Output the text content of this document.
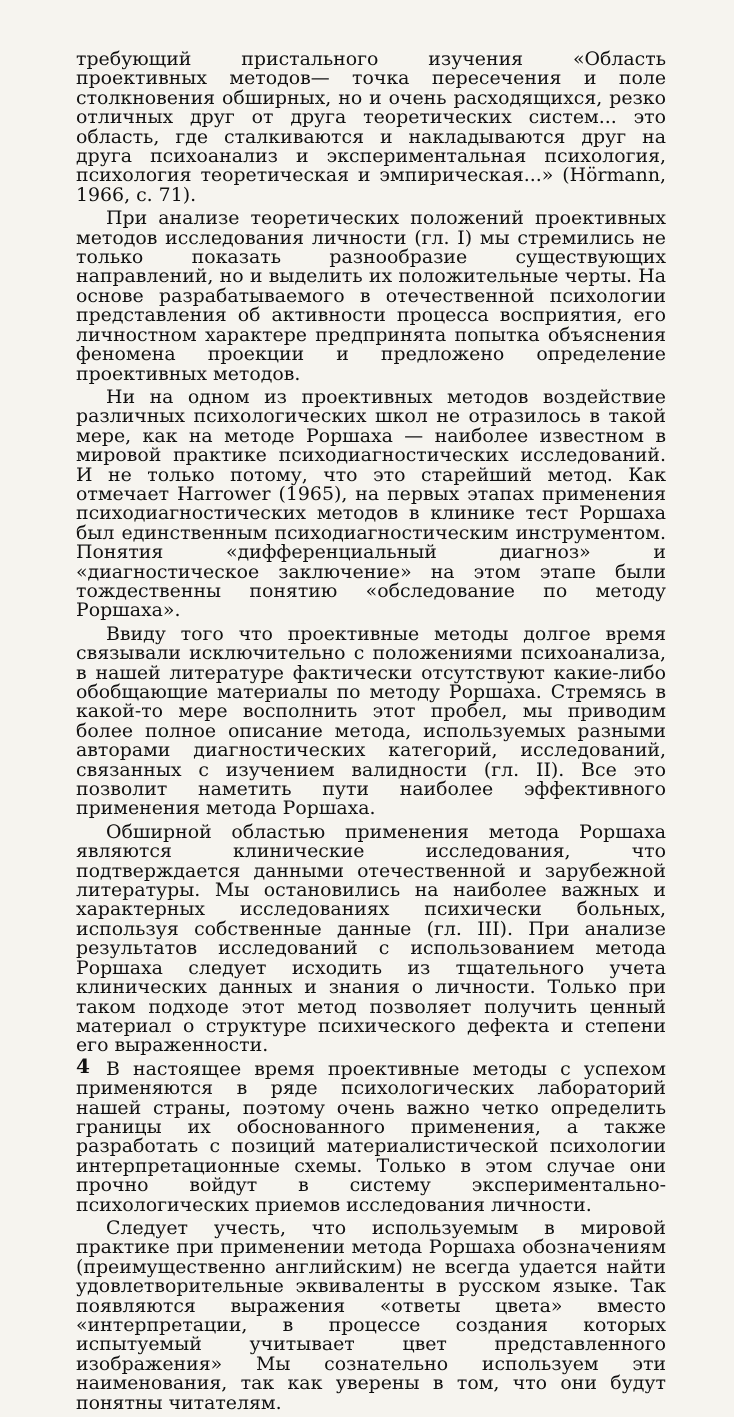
требующий пристального изучения «Область проективных методов— точка пересечения и поле столкновения обширных, но и очень расходящихся, резко отличных друг от друга теоретических систем... это область, где сталкиваются и накладываются друг на друга психоанализ и экспериментальная психология, психология теоретическая и эмпирическая...» (Hörmann, 1966, с. 71).

При анализе теоретических положений проективных методов исследования личности (гл. I) мы стремились не только показать разнообразие существующих направлений, но и выделить их положительные черты. На основе разрабатываемого в отечественной психологии представления об активности процесса восприятия, его личностном характере предпринята попытка объяснения феномена проекции и предложено определение проективных методов.

Ни на одном из проективных методов воздействие различных психологических школ не отразилось в такой мере, как на методе Роршаха — наиболее известном в мировой практике психодиагностических исследований. И не только потому, что это старейший метод. Как отмечает Harrower (1965), на первых этапах применения психодиагностических методов в клинике тест Роршаха был единственным психодиагностическим инструментом. Понятия «дифференциальный диагноз» и «диагностическое заключение» на этом этапе были тождественны понятию «обследование по методу Роршаха».

Ввиду того что проективные методы долгое время связывали исключительно с положениями психоанализа, в нашей литературе фактически отсутствуют какие-либо обобщающие материалы по методу Роршаха. Стремясь в какой-то мере восполнить этот пробел, мы приводим более полное описание метода, используемых разными авторами диагностических категорий, исследований, связанных с изучением валидности (гл. II). Все это позволит наметить пути наиболее эффективного применения метода Роршаха.

Обширной областью применения метода Роршаха являются клинические исследования, что подтверждается данными отечественной и зарубежной литературы. Мы остановились на наиболее важных и характерных исследованиях психически больных, используя собственные данные (гл. III). При анализе результатов исследований с использованием метода Роршаха следует исходить из тщательного учета клинических данных и знания о личности. Только при таком подходе этот метод позволяет получить ценный материал о структуре психического дефекта и степени его выраженности.

В настоящее время проективные методы с успехом применяются в ряде психологических лабораторий нашей страны, поэтому очень важно четко определить границы их обоснованного применения, а также разработать с позиций материалистической психологии интерпретационные схемы. Только в этом случае они прочно войдут в систему экспериментально-психологических приемов исследования личности.

Следует учесть, что используемым в мировой практике при применении метода Роршаха обозначениям (преимущественно английским) не всегда удается найти удовлетворительные эквиваленты в русском языке. Так появляются выражения «ответы цвета» вместо «интерпретации, в процессе создания которых испытуемый учитывает цвет представленного изображения» Мы сознательно используем эти наименования, так как уверены в том, что они будут понятны читателям.

4
